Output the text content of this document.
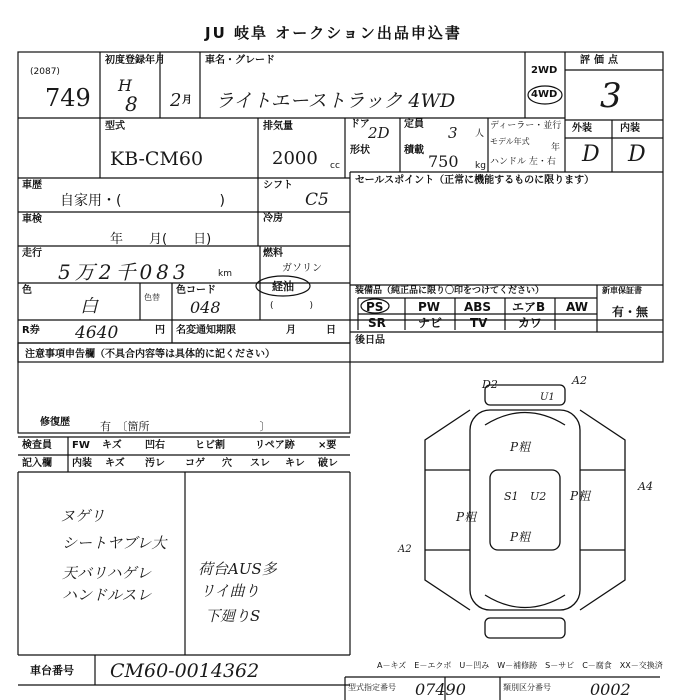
JU 岐阜 オークション出品申込書
(2087)
749
初度登録年月
H
8 2 月
車名・グレード
ライトエーストラック 4WD
2WD
4WD
評価点
3
外装	内装
D D
型式
KB-CM60
排気量
2000 cc
ドア
2D 定員 3 人
形状	積載
750 kg
ディーラー・並行
モデル年式
年
ハンドル 左・右
車歴
自家用・(　　　　　　　)
シフト
C5
セールスポイント（正常に機能するものに限ります）
車検
年　　月(　　日)
冷房
走行
5万2千083	km
燃料
ガソリン
経油
(　　　　)
色
白	色替
色コード
048
装備品（純正品に限り〇印をつけてください）	新車保証書
有・無
PS	PW ABS エアB AW
SR	ナビ TV	カワ
R券 4640	円 名変通知期限	月	日
後日品
注意事項申告欄（不具合内容等は具体的に記ください）
修復歴	有　〔箇所　　　　　　　　　　〕
検査員
記入欄
FW キズ 凹右	ヒビ割	リペア跡 ×要
内装 キズ 汚レ コゲ 穴 スレ キレ 破レ
ヌゲリ
シートヤブレ大
天バリハゲレ
ハンドルスレ
荷台AUS多
リイ曲り
下廻りS
D2	A2
U1
P粗
S1 U2
P粗
P粗
P粗
A4
A2
A－キズ　E－エクボ　U－凹み　W－補修跡　S－サビ　C－腐食　XX－交換済
車台番号 CM60-0014362
型式指定番号 07490	類別区分番号 0002
